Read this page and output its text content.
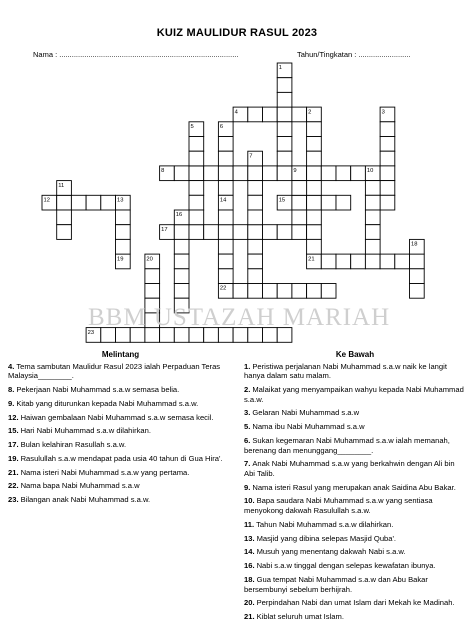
KUIZ MAULIDUR RASUL 2023
Nama : ......................................................................................	Tahun/Tingkatan : .........................
1
2	3
4
5	6
7
8	9	10
11
12	13	14	15
16
17
18
19	20	21
22
23
BBM USTAZAH MARIAH
Melintang
4. Tema sambutan Maulidur Rasul 2023 ialah Perpaduan Teras Malaysia________.
8. Pekerjaan Nabi Muhammad s.a.w semasa belia.
9. Kitab yang diturunkan kepada Nabi Muhammad s.a.w.
12. Haiwan gembalaan Nabi Muhammad s.a.w semasa kecil.
15. Hari Nabi Muhammad s.a.w dilahirkan.
17. Bulan kelahiran Rasullah s.a.w.
19. Rasulullah s.a.w mendapat pada usia 40 tahun di Gua Hira'.
21. Nama isteri Nabi Muhammad s.a.w yang pertama.
22. Nama bapa Nabi Muhammad s.a.w
23. Bilangan anak Nabi Muhammad s.a.w.
Ke Bawah
1. Peristiwa perjalanan Nabi Muhammad s.a.w naik ke langit hanya dalam satu malam.
2. Malaikat yang menyampaikan wahyu kepada Nabi Muhammad s.a.w.
3. Gelaran Nabi Muhammad s.a.w
5. Nama ibu Nabi Muhammad s.a.w
6. Sukan kegemaran Nabi Muhammad s.a.w ialah memanah, berenang dan menunggang________.
7. Anak Nabi Muhammad s.a.w yang berkahwin dengan Ali bin Abi Talib.
9. Nama isteri Rasul yang merupakan anak Saidina Abu Bakar.
10. Bapa saudara Nabi Muhammad s.a.w yang sentiasa menyokong dakwah Rasulullah s.a.w.
11. Tahun Nabi Muhammad s.a.w dilahirkan.
13. Masjid yang dibina selepas Masjid Quba'.
14. Musuh yang menentang dakwah Nabi s.a.w.
16. Nabi s.a.w tinggal dengan selepas kewafatan ibunya.
18. Gua tempat Nabi Muhammad s.a.w dan Abu Bakar bersembunyi sebelum berhijrah.
20. Perpindahan Nabi dan umat Islam dari Mekah ke Madinah.
21. Kiblat seluruh umat Islam.
